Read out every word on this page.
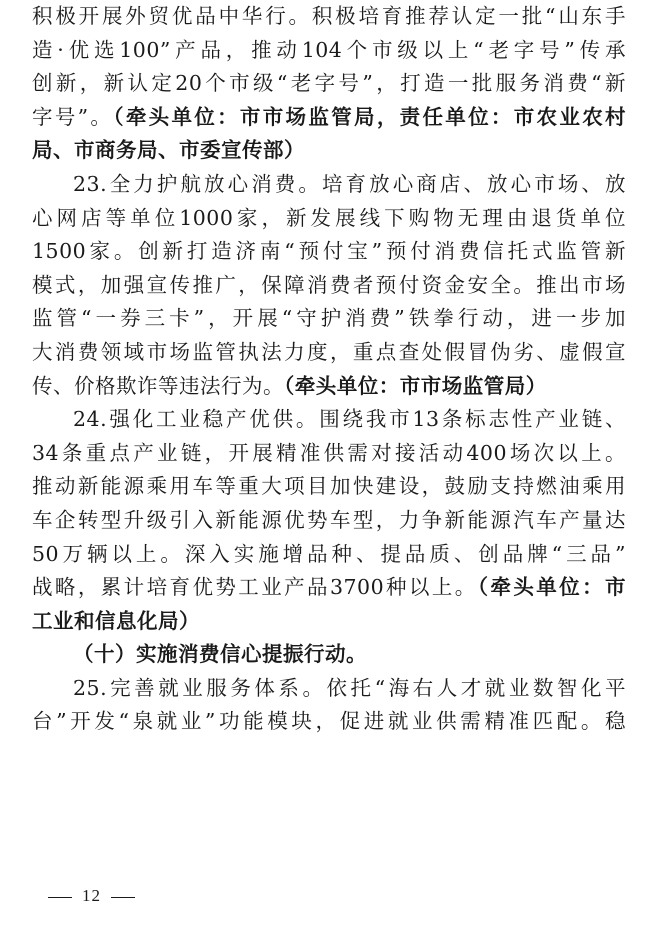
积极开展外贸优品中华行。积极培育推荐认定一批“山东手
造·优选100”产品，推动104个市级以上“老字号”传承
创新，新认定20个市级“老字号”，打造一批服务消费“新
字号”。（牵头单位：市市场监管局，责任单位：市农业农村
局、市商务局、市委宣传部）
23.全力护航放心消费。培育放心商店、放心市场、放
心网店等单位1000家，新发展线下购物无理由退货单位
1500家。创新打造济南“预付宝”预付消费信托式监管新
模式，加强宣传推广，保障消费者预付资金安全。推出市场
监管“一券三卡”，开展“守护消费”铁拳行动，进一步加
大消费领域市场监管执法力度，重点查处假冒伪劣、虚假宣
传、价格欺诈等违法行为。（牵头单位：市市场监管局）
24.强化工业稳产优供。围绕我市13条标志性产业链、
34条重点产业链，开展精准供需对接活动400场次以上。
推动新能源乘用车等重大项目加快建设，鼓励支持燃油乘用
车企转型升级引入新能源优势车型，力争新能源汽车产量达
50万辆以上。深入实施增品种、提品质、创品牌“三品”
战略，累计培育优势工业产品3700种以上。（牵头单位：市
工业和信息化局）
（十）实施消费信心提振行动。
25.完善就业服务体系。依托“海右人才就业数智化平
台”开发“泉就业”功能模块，促进就业供需精准匹配。稳
12
